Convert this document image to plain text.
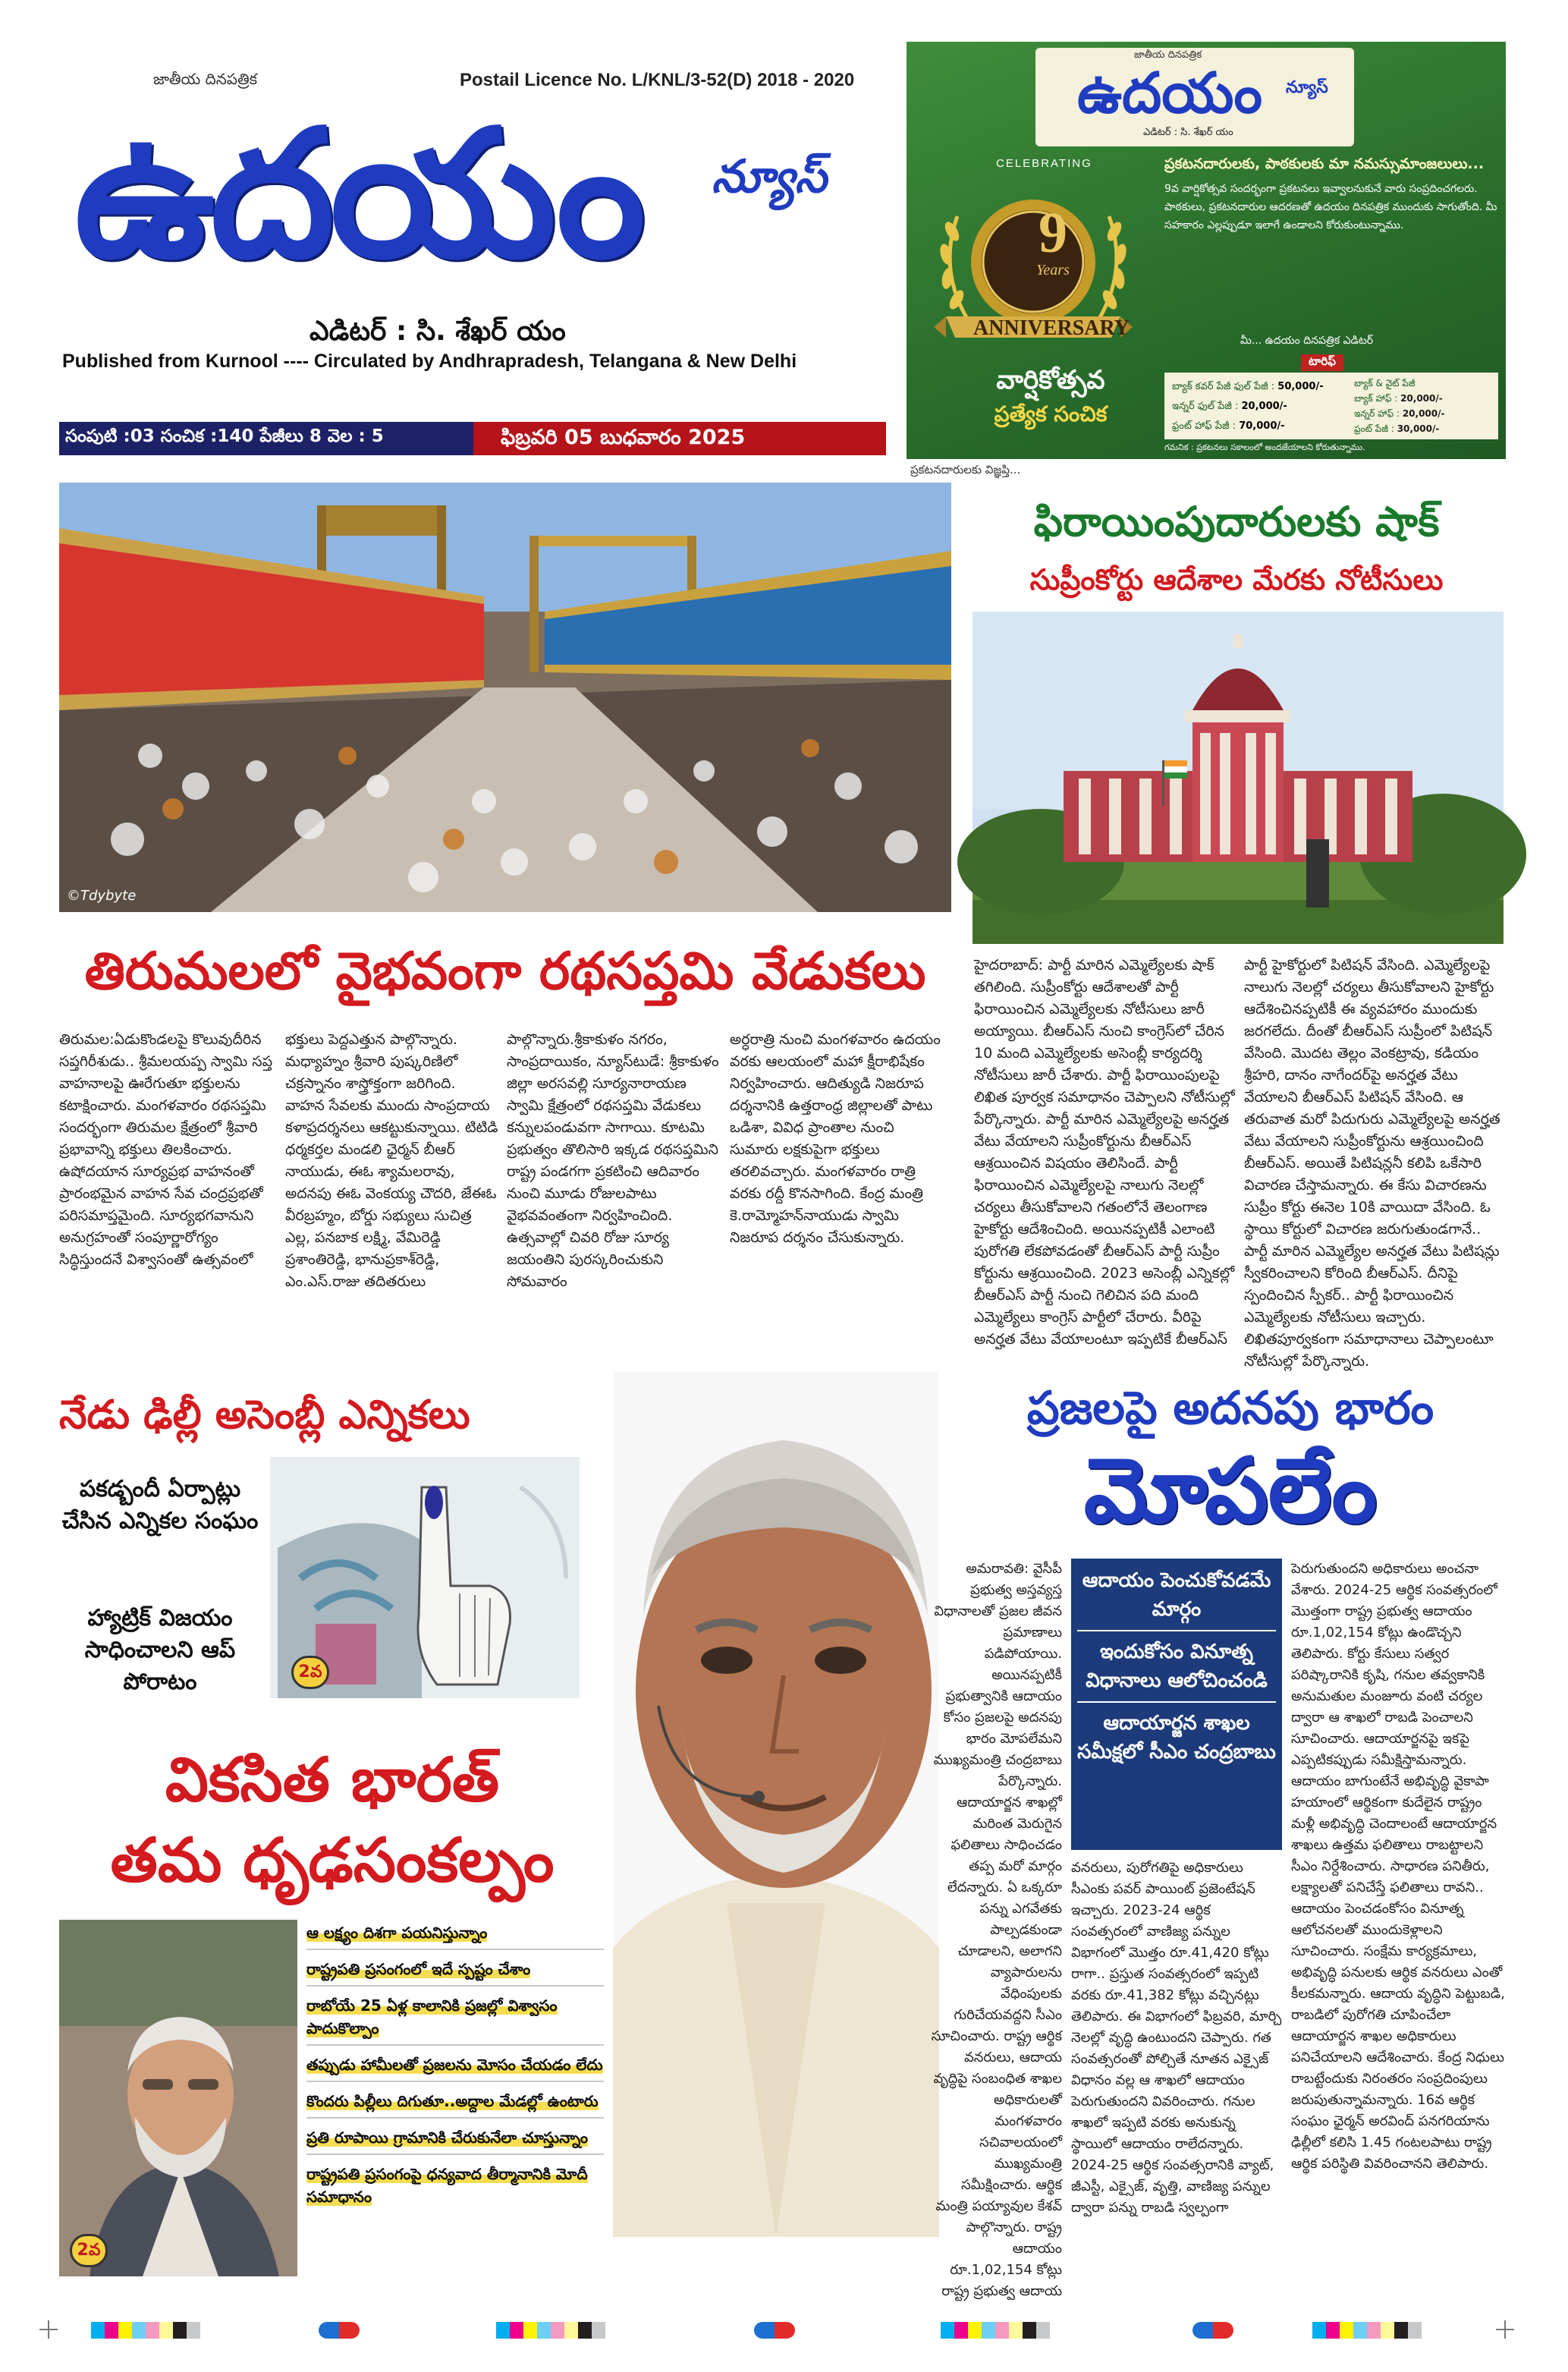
జాతీయ దినపత్రిక	Postail Licence No. L/KNL/3-52(D) 2018 - 2020
ఉదయం	న్యూస్
ఎడిటర్ : సి. శేఖర్ యం
Published from Kurnool ---- Circulated by Andhrapradesh, Telangana & New Delhi
సంపుటి :03 సంచిక :140 పేజీలు 8 వెల : 5	ఫిబ్రవరి 05 బుధవారం 2025
జాతీయ దినపత్రిక
ఉదయం	న్యూస్
ఎడిటర్ : సి. శేఖర్ యం
CELEBRATING
9
Years
ANNIVERSARY
వార్షికోత్సవ
ప్రత్యేక సంచిక
ప్రకటనదారులకు, పాఠకులకు మా నమస్సుమాంజలులు...
9వ వార్షికోత్సవ సందర్భంగా ప్రకటనలు ఇవ్వాలనుకునే వారు సంప్రదించగలరు. పాఠకులు, ప్రకటనదారుల ఆదరణతో ఉదయం దినపత్రిక ముందుకు సాగుతోంది. మీ సహకారం ఎల్లప్పుడూ ఇలాగే ఉండాలని కోరుకుంటున్నాము.
మీ... ఉదయం దినపత్రిక ఎడిటర్
టారిఫ్
బ్యాక్ కవర్ పేజీ ఫుల్ పేజీ : 50,000/-
ఇన్నర్ ఫుల్ పేజీ : 20,000/-
ఫ్రంట్ హాఫ్ పేజీ : 70,000/-
బ్యాక్ & వైట్ పేజీ
బ్యాక్ హాఫ్ : 20,000/-
ఇన్నర్ హాఫ్ : 20,000/-
ఫ్రంట్ పేజీ : 30,000/-
గమనిక : ప్రకటనలు సకాలంలో అందజేయాలని కోరుతున్నాము.
ప్రకటనదారులకు విజ్ఞప్తి...
©Tdybyte
తిరుమలలో వైభవంగా రథసప్తమి వేడుకలు
తిరుమల:ఏడుకొండలపై కొలువుదీరిన సప్తగిరీశుడు.. శ్రీమలయప్ప స్వామి సప్త వాహనాలపై ఊరేగుతూ భక్తులను కటాక్షించారు. మంగళవారం రథసప్తమి సందర్భంగా తిరుమల క్షేత్రంలో శ్రీవారి ప్రభావాన్ని భక్తులు తిలకించారు. ఉషోదయాన సూర్యప్రభ వాహనంతో ప్రారంభమైన వాహన సేవ చంద్రప్రభతో పరిసమాప్తమైంది. సూర్యభగవానుని అనుగ్రహంతో సంపూర్ణారోగ్యం సిద్ధిస్తుందనే విశ్వాసంతో ఉత్సవంలో
భక్తులు పెద్దఎత్తున పాల్గొన్నారు. మధ్యాహ్నం శ్రీవారి పుష్కరిణిలో చక్రస్నానం శాస్త్రోక్తంగా జరిగింది. వాహన సేవలకు ముందు సాంప్రదాయ కళాప్రదర్శనలు ఆకట్టుకున్నాయి. టిటిడి ధర్మకర్తల మండలి ఛైర్మన్ బీఆర్ నాయుడు, ఈఓ శ్యామలరావు, అదనపు ఈఓ వెంకయ్య చౌదరి, జేఈఓ వీరబ్రహ్మం, బోర్డు సభ్యులు సుచిత్ర ఎల్ల, పనబాక లక్ష్మి, వేమిరెడ్డి ప్రశాంతిరెడ్డి, భానుప్రకాశ్‌రెడ్డి, ఎం.ఎస్.రాజు తదితరులు
పాల్గొన్నారు.శ్రీకాకుళం నగరం, సాంప్రదాయికం, న్యూస్‌టుడే: శ్రీకాకుళం జిల్లా అరసవల్లి సూర్యనారాయణ స్వామి క్షేత్రంలో రథసప్తమి వేడుకలు కన్నులపండువగా సాగాయి. కూటమి ప్రభుత్వం తొలిసారి ఇక్కడ రథసప్తమిని రాష్ట్ర పండగగా ప్రకటించి ఆదివారం నుంచి మూడు రోజులపాటు వైభవవంతంగా నిర్వహించింది. ఉత్సవాల్లో చివరి రోజు సూర్య జయంతిని పురస్కరించుకుని సోమవారం
అర్ధరాత్రి నుంచి మంగళవారం ఉదయం వరకు ఆలయంలో మహా క్షీరాభిషేకం నిర్వహించారు. ఆదిత్యుడి నిజరూప దర్శనానికి ఉత్తరాంధ్ర జిల్లాలతో పాటు ఒడిశా, వివిధ ప్రాంతాల నుంచి సుమారు లక్షకుపైగా భక్తులు తరలివచ్చారు. మంగళవారం రాత్రి వరకు రద్దీ కొనసాగింది. కేంద్ర మంత్రి కె.రామ్మోహన్‌నాయుడు స్వామి నిజరూప దర్శనం చేసుకున్నారు.
ఫిరాయింపుదారులకు షాక్
సుప్రీంకోర్టు ఆదేశాల మేరకు నోటీసులు
హైదరాబాద్: పార్టీ మారిన ఎమ్మెల్యేలకు షాక్ తగిలింది. సుప్రీంకోర్టు ఆదేశాలతో పార్టీ ఫిరాయించిన ఎమ్మెల్యేలకు నోటీసులు జారీ అయ్యాయి. బీఆర్ఎస్ నుంచి కాంగ్రెస్‌లో చేరిన 10 మంది ఎమ్మెల్యేలకు అసెంబ్లీ కార్యదర్శి నోటీసులు జారీ చేశారు. పార్టీ ఫిరాయింపులపై లిఖిత పూర్వక సమాధానం చెప్పాలని నోటీసుల్లో పేర్కొన్నారు. పార్టీ మారిన ఎమ్మెల్యేలపై అనర్హత వేటు వేయాలని సుప్రీంకోర్టును బీఆర్ఎస్ ఆశ్రయించిన విషయం తెలిసిందే. పార్టీ ఫిరాయించిన ఎమ్మెల్యేలపై నాలుగు నెలల్లో చర్యలు తీసుకోవాలని గతంలోనే తెలంగాణ హైకోర్టు ఆదేశించింది. అయినప్పటికీ ఎలాంటి పురోగతి లేకపోవడంతో బీఆర్ఎస్ పార్టీ సుప్రీం కోర్టును ఆశ్రయించింది. 2023 అసెంబ్లీ ఎన్నికల్లో బీఆర్ఎస్ పార్టీ నుంచి గెలిచిన పది మంది ఎమ్మెల్యేలు కాంగ్రెస్ పార్టీలో చేరారు. వీరిపై అనర్హత వేటు వేయాలంటూ ఇప్పటికే బీఆర్ఎస్
పార్టీ హైకోర్టులో పిటిషన్ వేసింది. ఎమ్మెల్యేలపై నాలుగు నెలల్లో చర్యలు తీసుకోవాలని హైకోర్టు ఆదేశించినప్పటికీ ఈ వ్యవహారం ముందుకు జరగలేదు. దీంతో బీఆర్ఎస్ సుప్రీంలో పిటిషన్ వేసింది. మొదట తెల్లం వెంకట్రావు, కడియం శ్రీహరి, దానం నాగేందర్‌పై అనర్హత వేటు వేయాలని బీఆర్ఎస్ పిటిషన్ వేసింది. ఆ తరువాత మరో పిదుగురు ఎమ్మెల్యేలపై అనర్హత వేటు వేయాలని సుప్రీంకోర్టును ఆశ్రయించింది బీఆర్ఎస్. అయితే పిటిషన్లనీ కలిపి ఒకేసారి విచారణ చేస్తామన్నారు. ఈ కేసు విచారణను సుప్రీం కోర్టు ఈనెల 10కి వాయిదా వేసింది. ఓ స్థాయి కోర్టులో విచారణ జరుగుతుండగానే.. పార్టీ మారిన ఎమ్మెల్యేల అనర్హత వేటు పిటిషన్లు స్వీకరించాలని కోరింది బీఆర్ఎస్. దీనిపై స్పందించిన స్పీకర్.. పార్టీ ఫిరాయించిన ఎమ్మెల్యేలకు నోటీసులు ఇచ్చారు. లిఖితపూర్వకంగా సమాధానాలు చెప్పాలంటూ నోటీసుల్లో పేర్కొన్నారు.
నేడు ఢిల్లీ అసెంబ్లీ ఎన్నికలు
పకడ్బందీ ఏర్పాట్లు చేసిన ఎన్నికల సంఘం
హ్యాట్రిక్ విజయం సాధించాలని ఆప్ పోరాటం	2వ
వికసిత భారత్
తమ ధృఢసంకల్పం
2వ
ఆ లక్ష్యం దిశగా పయనిస్తున్నాం
రాష్ట్రపతి ప్రసంగంలో ఇదే స్పష్టం చేశాం
రాబోయే 25 ఏళ్ల కాలానికి ప్రజల్లో విశ్వాసం పాదుకొల్పాం
తప్పుడు హామీలతో ప్రజలను మోసం చేయడం లేదు
కొందరు పిల్లీలు దిగుతూ..అద్దాల మేడల్లో ఉంటారు
ప్రతి రూపాయి గ్రామానికి చేరుకునేలా చూస్తున్నాం
రాష్ట్రపతి ప్రసంగంపై ధన్యవాద తీర్మానానికి మోదీ సమాధానం
ప్రజలపై అదనపు భారం
మోపలేం
అమరావతి: వైసీపీ ప్రభుత్వ అస్తవ్యస్త విధానాలతో ప్రజల జీవన ప్రమాణాలు పడిపోయాయి. అయినప్పటికీ ప్రభుత్వానికి ఆదాయం కోసం ప్రజలపై అదనపు భారం మోపలేమని ముఖ్యమంత్రి చంద్రబాబు పేర్కొన్నారు. ఆదాయార్జన శాఖల్లో మరింత మెరుగైన ఫలితాలు సాధించడం తప్ప మరో మార్గం లేదన్నారు. ఏ ఒక్కరూ పన్ను ఎగవేతకు పాల్పడకుండా చూడాలని, అలాగని వ్యాపారులను వేధింపులకు గురిచేయవద్దని సీఎం సూచించారు. రాష్ట్ర ఆర్థిక వనరులు, ఆదాయ వృద్ధిపై సంబంధిత శాఖల అధికారులతో మంగళవారం సచివాలయంలో ముఖ్యమంత్రి సమీక్షించారు. ఆర్థిక మంత్రి పయ్యావుల కేశవ్ పాల్గొన్నారు. రాష్ట్ర ఆదాయం రూ.1,02,154 కోట్లు రాష్ట్ర ప్రభుత్వ ఆదాయ
ఆదాయం పెంచుకోవడమే మార్గం
ఇందుకోసం వినూత్న విధానాలు ఆలోచించండి
ఆదాయార్జన శాఖల సమీక్షలో సీఎం చంద్రబాబు
వనరులు, పురోగతిపై అధికారులు సీఎంకు పవర్ పాయింట్ ప్రజెంటేషన్ ఇచ్చారు. 2023-24 ఆర్థిక సంవత్సరంలో వాణిజ్య పన్నుల విభాగంలో మొత్తం రూ.41,420 కోట్లు రాగా.. ప్రస్తుత సంవత్సరంలో ఇప్పటి వరకు రూ.41,382 కోట్లు వచ్చినట్లు తెలిపారు. ఈ విభాగంలో ఫిబ్రవరి, మార్చి నెలల్లో వృద్ధి ఉంటుందని చెప్పారు. గత సంవత్సరంతో పోల్చితే నూతన ఎక్సైజ్ విధానం వల్ల ఆ శాఖలో ఆదాయం పెరుగుతుందని వివరించారు. గనుల శాఖలో ఇప్పటి వరకు అనుకున్న స్థాయిలో ఆదాయం రాలేదన్నారు. 2024-25 ఆర్థిక సంవత్సరానికి వ్యాట్, జీఎస్టీ, ఎక్సైజ్, వృత్తి, వాణిజ్య పన్నుల ద్వారా పన్ను రాబడి స్వల్పంగా
పెరుగుతుందని అధికారులు అంచనా వేశారు. 2024-25 ఆర్థిక సంవత్సరంలో మొత్తంగా రాష్ట్ర ప్రభుత్వ ఆదాయం రూ.1,02,154 కోట్లు ఉండొచ్చని తెలిపారు. కోర్టు కేసులు సత్వర పరిష్కారానికి కృషి, గనుల తవ్వకానికి అనుమతుల మంజూరు వంటి చర్యల ద్వారా ఆ శాఖలో రాబడి పెంచాలని సూచించారు. ఆదాయార్జనపై ఇకపై ఎప్పటికప్పుడు సమీక్షిస్తామన్నారు. ఆదాయం బాగుంటేనే అభివృద్ధి వైకాపా హయాంలో ఆర్థికంగా కుదేలైన రాష్ట్రం మళ్లీ అభివృద్ధి చెందాలంటే ఆదాయార్జన శాఖలు ఉత్తమ ఫలితాలు రాబట్టాలని సీఎం నిర్దేశించారు. సాధారణ పనితీరు, లక్ష్యాలతో పనిచేస్తే ఫలితాలు రావని.. ఆదాయం పెంచడంకోసం వినూత్న ఆలోచనలతో ముందుకెళ్లాలని సూచించారు. సంక్షేమ కార్యక్రమాలు, అభివృద్ధి పనులకు ఆర్థిక వనరులు ఎంతో కీలకమన్నారు. ఆదాయ వృద్ధిని పెట్టుబడి, రాబడిలో పురోగతి చూపించేలా ఆదాయార్జన శాఖల అధికారులు పనిచేయాలని ఆదేశించారు. కేంద్ర నిధులు రాబట్టేందుకు నిరంతరం సంప్రదింపులు జరుపుతున్నామన్నారు. 16వ ఆర్థిక సంఘం ఛైర్మన్ అరవింద్ పనగరియాను ఢిల్లీలో కలిసి 1.45 గంటలపాటు రాష్ట్ర ఆర్థిక పరిస్థితి వివరించానని తెలిపారు.
